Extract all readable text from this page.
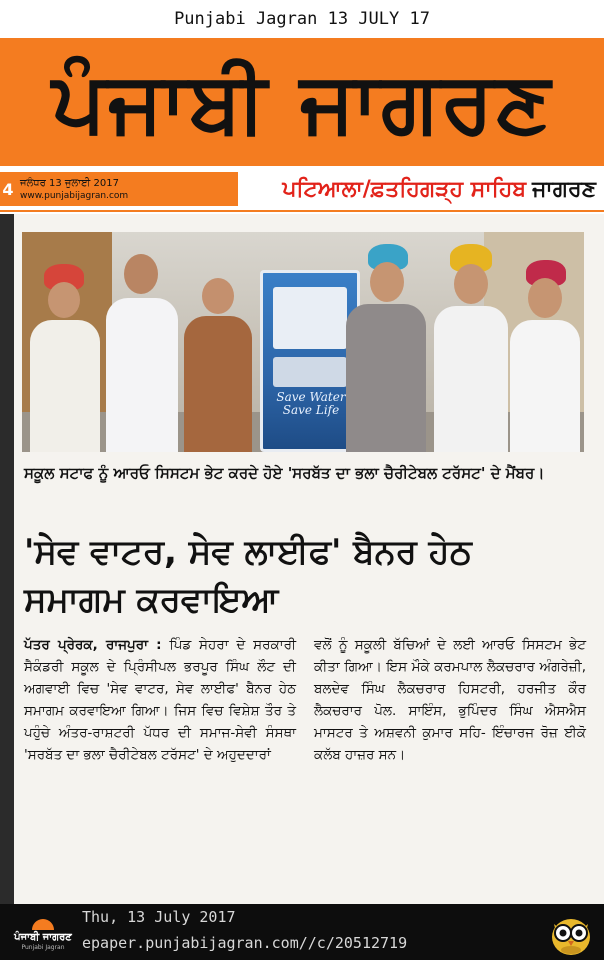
Punjabi Jagran 13 JULY 17
ਪੰਜਾਬੀ ਜਾਗਰਣ
4 ਜਲੰਧਰ 13 ਜੁਲਾਈ 2017
www.punjabijagran.com	ਪਟਿਆਲਾ/ਫ਼ਤਹਿਗੜ੍ਹ ਸਾਹਿਬ ਜਾਗਰਣ
Save Water Save Life
ਸਕੂਲ ਸਟਾਫ ਨੂੰ ਆਰਓ ਸਿਸਟਮ ਭੇਟ ਕਰਦੇ ਹੋਏ 'ਸਰਬੱਤ ਦਾ ਭਲਾ ਚੈਰੀਟੇਬਲ ਟਰੱਸਟ' ਦੇ ਮੈਂਬਰ।
'ਸੇਵ ਵਾਟਰ, ਸੇਵ ਲਾਈਫ' ਬੈਨਰ ਹੇਠ ਸਮਾਗਮ ਕਰਵਾਇਆ
ਪੱਤਰ ਪ੍ਰੇਰਕ, ਰਾਜਪੁਰਾ : ਪਿੰਡ ਸੇਹਰਾ ਦੇ ਸਰਕਾਰੀ ਸੈਕੰਡਰੀ ਸਕੂਲ ਦੇ ਪ੍ਰਿੰਸੀਪਲ ਭਰਪੂਰ ਸਿੰਘ ਲੌਟ ਦੀ ਅਗਵਾਈ ਵਿਚ 'ਸੇਵ ਵਾਟਰ, ਸੇਵ ਲਾਈਫ' ਬੈਨਰ ਹੇਠ ਸਮਾਗਮ ਕਰਵਾਇਆ ਗਿਆ। ਜਿਸ ਵਿਚ ਵਿਸ਼ੇਸ਼ ਤੌਰ ਤੇ ਪਹੁੰਚੇ ਅੰਤਰ-ਰਾਸ਼ਟਰੀ ਪੱਧਰ ਦੀ ਸਮਾਜ-ਸੇਵੀ ਸੰਸਥਾ 'ਸਰਬੱਤ ਦਾ ਭਲਾ ਚੈਰੀਟੇਬਲ ਟਰੱਸਟ' ਦੇ ਅਹੁਦਦਾਰਾਂ
ਵਲੋਂ ਨੂੰ ਸਕੂਲੀ ਬੱਚਿਆਂ ਦੇ ਲਈ ਆਰਓ ਸਿਸਟਮ ਭੇਟ ਕੀਤਾ ਗਿਆ। ਇਸ ਮੌਕੇ ਕਰਮਪਾਲ ਲੈਕਚਰਾਰ ਅੰਗਰੇਜ਼ੀ, ਬਲਦੇਵ ਸਿੰਘ ਲੈਕਚਰਾਰ ਹਿਸਟਰੀ, ਹਰਜੀਤ ਕੌਰ ਲੈਕਚਰਾਰ ਪੋਲ. ਸਾਇੰਸ, ਭੁਪਿੰਦਰ ਸਿੰਘ ਐਸਐਸ ਮਾਸਟਰ ਤੇ ਅਸ਼ਵਨੀ ਕੁਮਾਰ ਸਹਿ- ਇੰਚਾਰਜ ਰੋਜ਼ ਈਕੋ ਕਲੱਬ ਹਾਜ਼ਰ ਸਨ।
ਪੰਜਾਬੀ ਜਾਗਰਣ
Punjabi Jagran
Thu, 13 July 2017
epaper.punjabijagran.com//c/20512719
